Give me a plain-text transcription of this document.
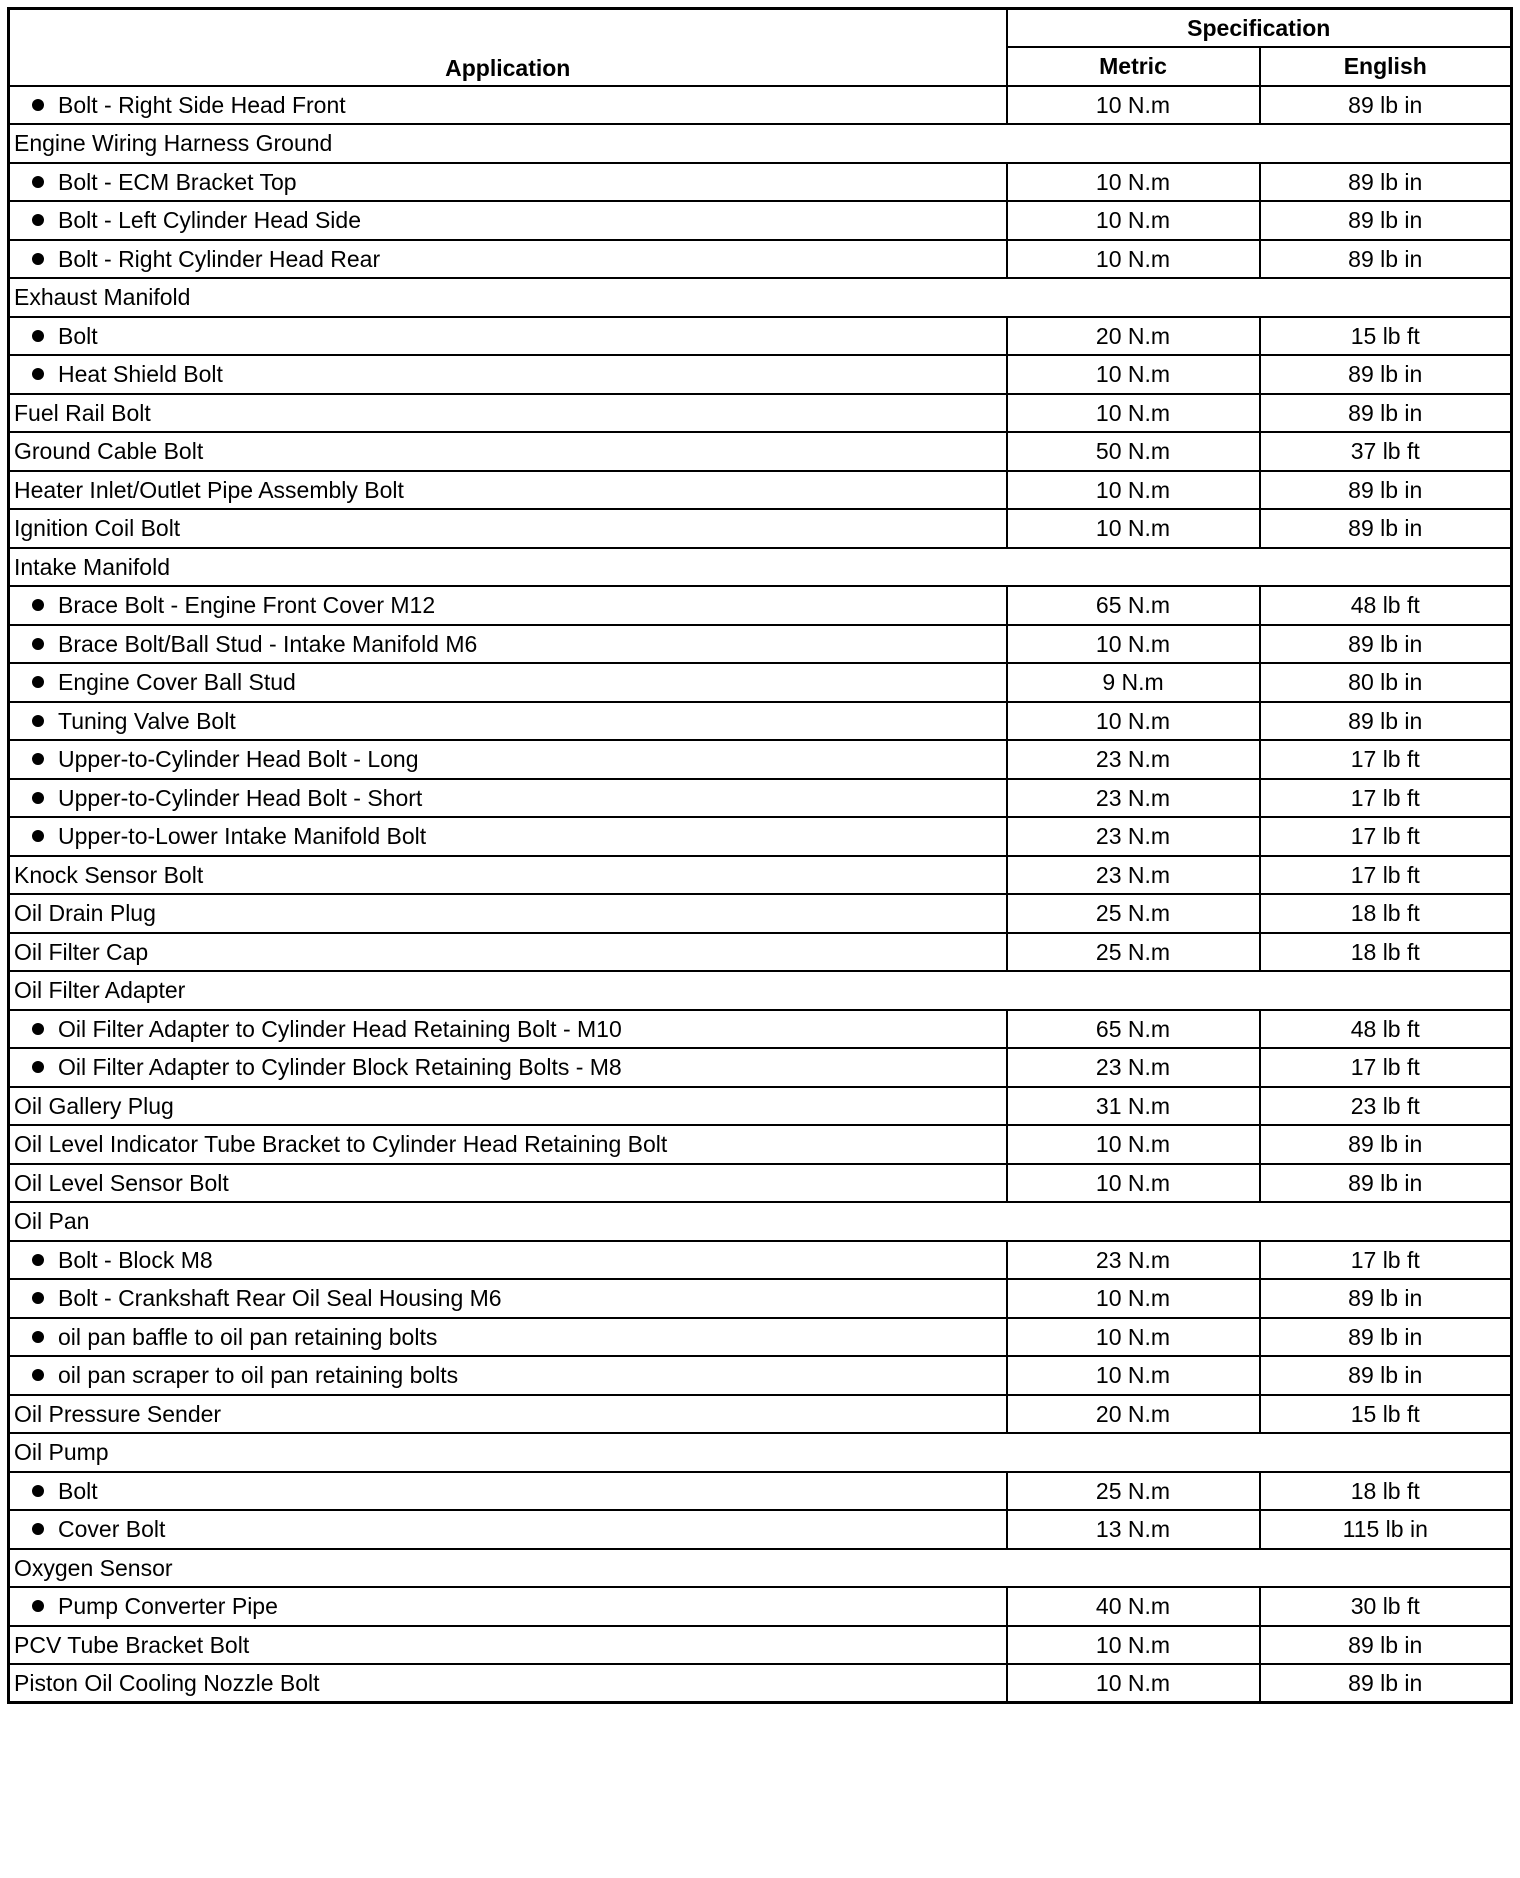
Application	Specification	
	Metric	English
Bolt - Right Side Head Front	10 N.m	89 lb in
Engine Wiring Harness Ground		
Bolt - ECM Bracket Top	10 N.m	89 lb in
Bolt - Left Cylinder Head Side	10 N.m	89 lb in
Bolt - Right Cylinder Head Rear	10 N.m	89 lb in
Exhaust Manifold		
Bolt	20 N.m	15 lb ft
Heat Shield Bolt	10 N.m	89 lb in
Fuel Rail Bolt	10 N.m	89 lb in
Ground Cable Bolt	50 N.m	37 lb ft
Heater Inlet/Outlet Pipe Assembly Bolt	10 N.m	89 lb in
Ignition Coil Bolt	10 N.m	89 lb in
Intake Manifold		
Brace Bolt - Engine Front Cover M12	65 N.m	48 lb ft
Brace Bolt/Ball Stud - Intake Manifold M6	10 N.m	89 lb in
Engine Cover Ball Stud	9 N.m	80 lb in
Tuning Valve Bolt	10 N.m	89 lb in
Upper-to-Cylinder Head Bolt - Long	23 N.m	17 lb ft
Upper-to-Cylinder Head Bolt - Short	23 N.m	17 lb ft
Upper-to-Lower Intake Manifold Bolt	23 N.m	17 lb ft
Knock Sensor Bolt	23 N.m	17 lb ft
Oil Drain Plug	25 N.m	18 lb ft
Oil Filter Cap	25 N.m	18 lb ft
Oil Filter Adapter		
Oil Filter Adapter to Cylinder Head Retaining Bolt - M10	65 N.m	48 lb ft
Oil Filter Adapter to Cylinder Block Retaining Bolts - M8	23 N.m	17 lb ft
Oil Gallery Plug	31 N.m	23 lb ft
Oil Level Indicator Tube Bracket to Cylinder Head Retaining Bolt	10 N.m	89 lb in
Oil Level Sensor Bolt	10 N.m	89 lb in
Oil Pan		
Bolt - Block M8	23 N.m	17 lb ft
Bolt - Crankshaft Rear Oil Seal Housing M6	10 N.m	89 lb in
oil pan baffle to oil pan retaining bolts	10 N.m	89 lb in
oil pan scraper to oil pan retaining bolts	10 N.m	89 lb in
Oil Pressure Sender	20 N.m	15 lb ft
Oil Pump		
Bolt	25 N.m	18 lb ft
Cover Bolt	13 N.m	115 lb in
Oxygen Sensor		
Pump Converter Pipe	40 N.m	30 lb ft
PCV Tube Bracket Bolt	10 N.m	89 lb in
Piston Oil Cooling Nozzle Bolt	10 N.m	89 lb in
